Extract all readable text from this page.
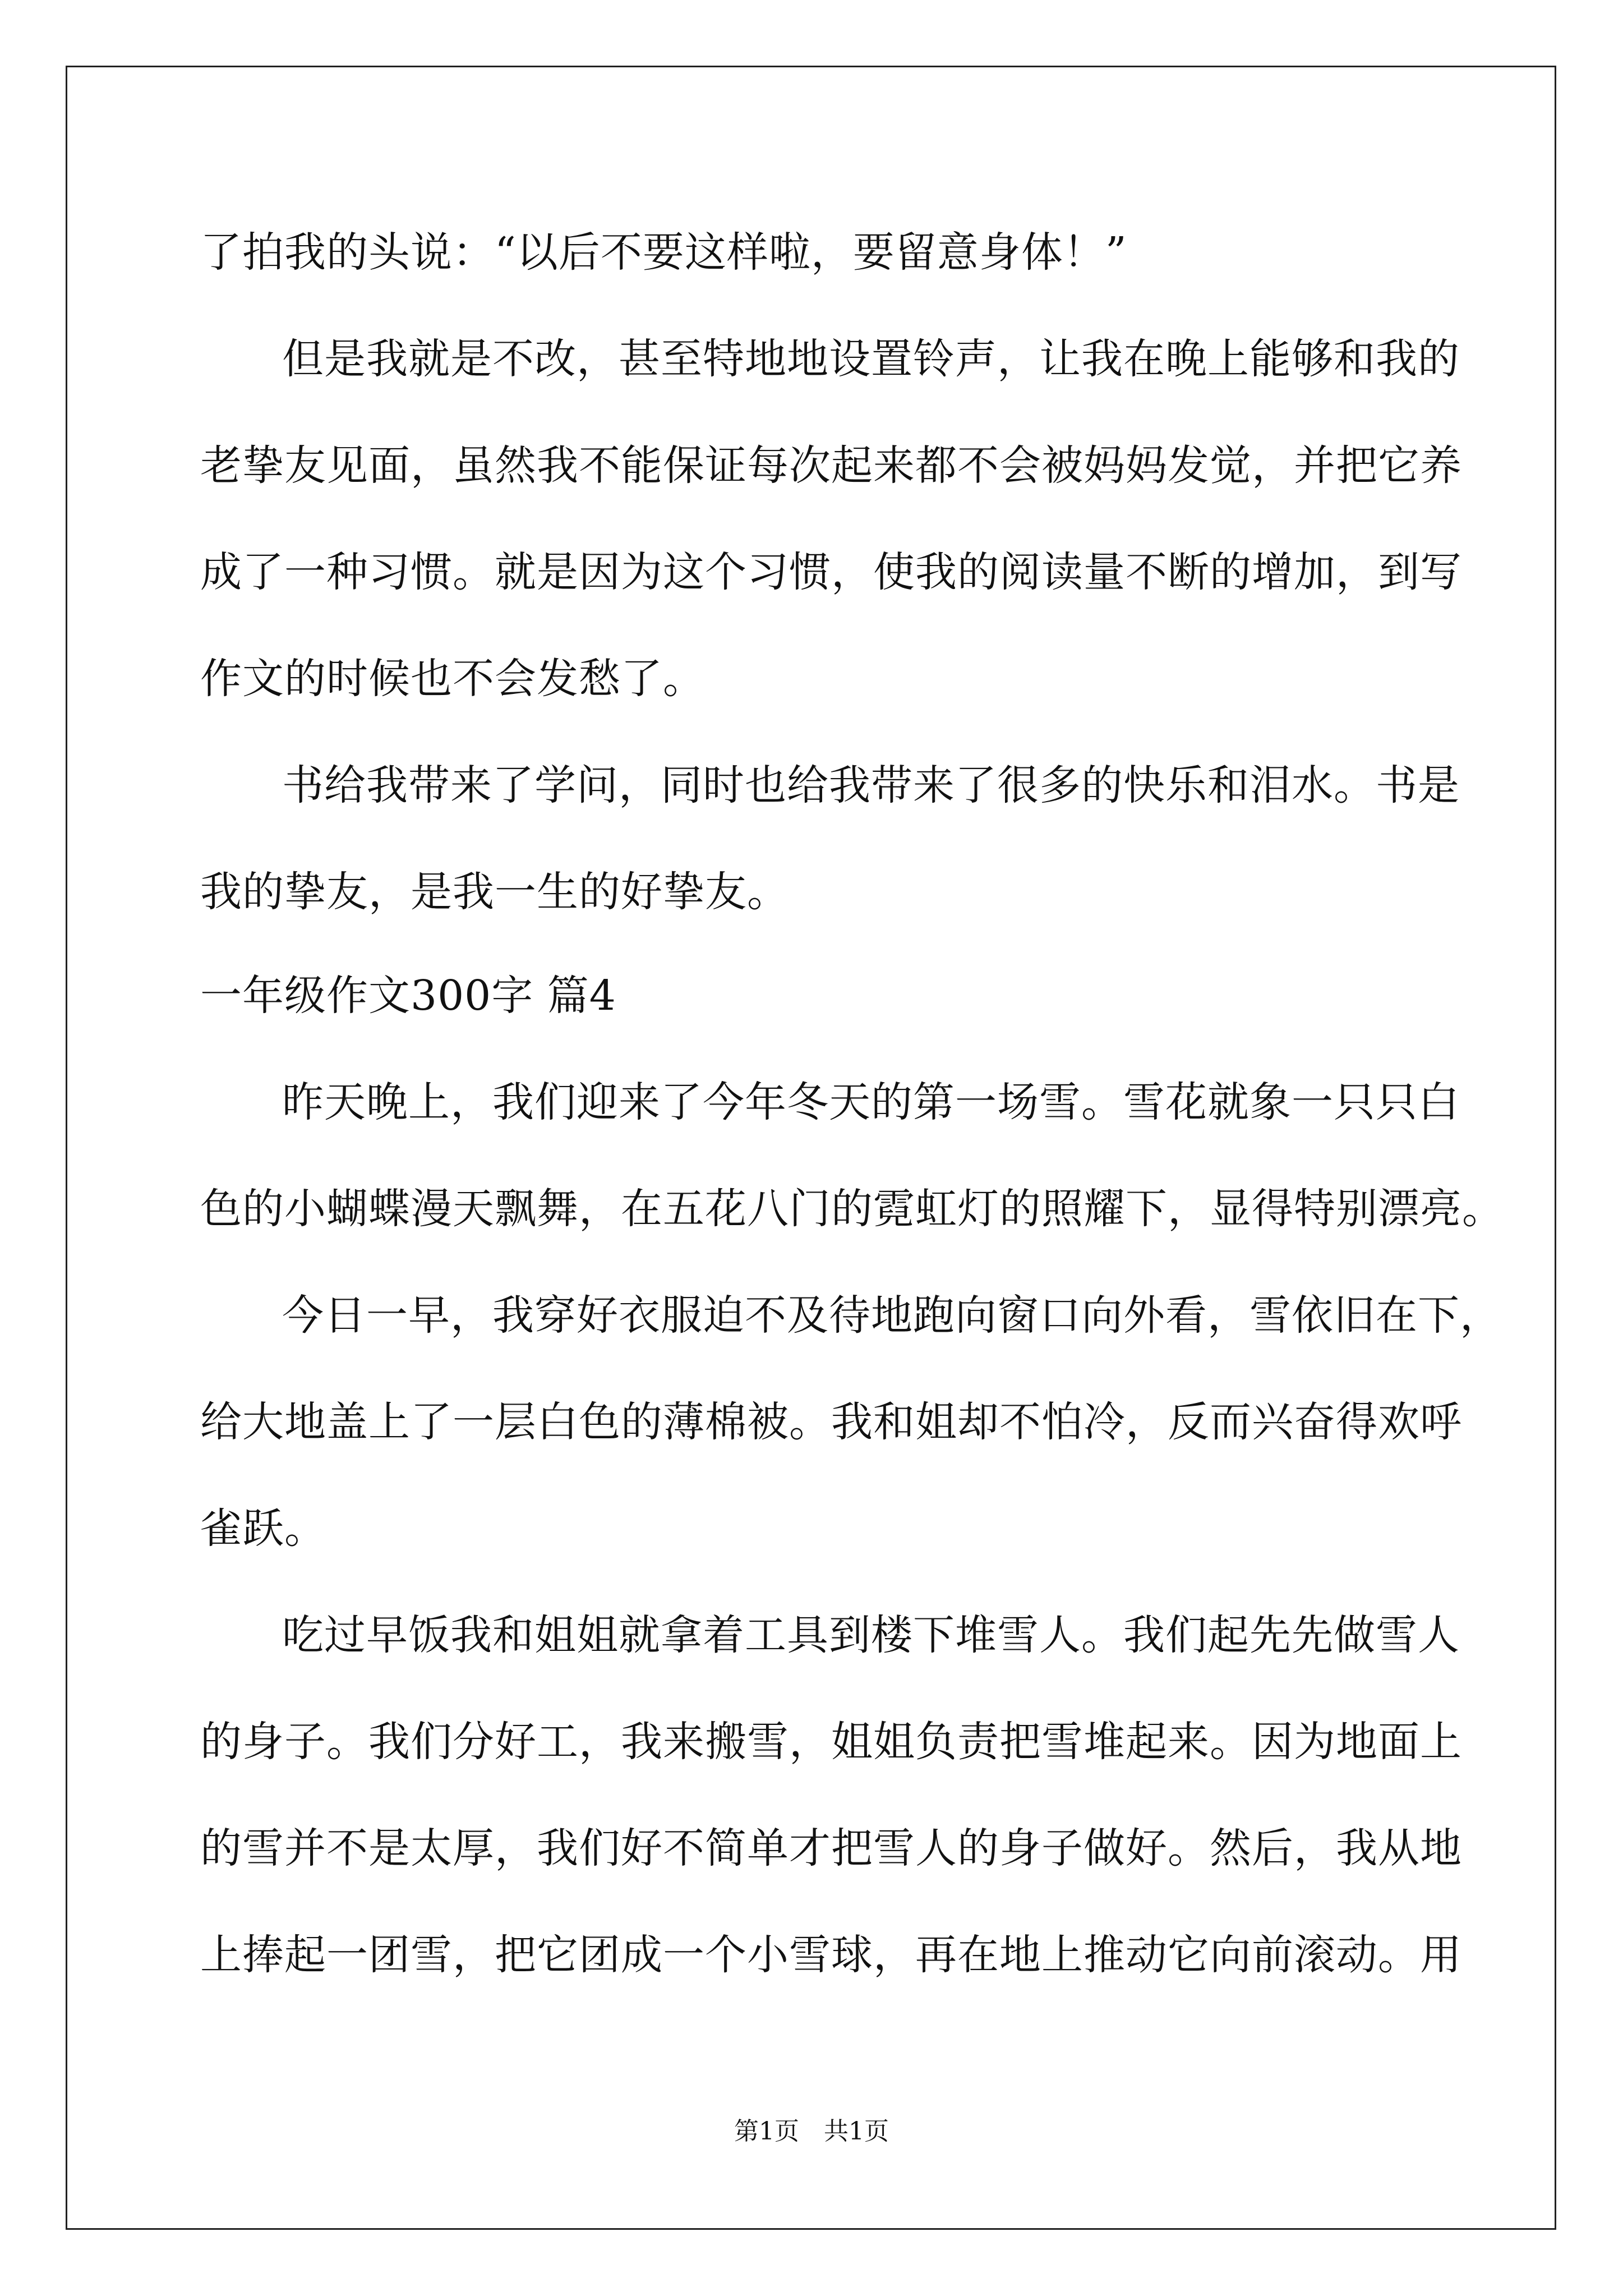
了拍我的头说：“以后不要这样啦，要留意身体！”
但是我就是不改，甚至特地地设置铃声，让我在晚上能够和我的
老挚友见面，虽然我不能保证每次起来都不会被妈妈发觉，并把它养
成了一种习惯。就是因为这个习惯，使我的阅读量不断的增加，到写
作文的时候也不会发愁了。
书给我带来了学问，同时也给我带来了很多的快乐和泪水。书是
我的挚友，是我一生的好挚友。
一年级作文300字 篇4
昨天晚上，我们迎来了今年冬天的第一场雪。雪花就象一只只白
色的小蝴蝶漫天飘舞，在五花八门的霓虹灯的照耀下，显得特别漂亮。
今日一早，我穿好衣服迫不及待地跑向窗口向外看，雪依旧在下，
给大地盖上了一层白色的薄棉被。我和姐却不怕冷，反而兴奋得欢呼
雀跃。
吃过早饭我和姐姐就拿着工具到楼下堆雪人。我们起先先做雪人
的身子。我们分好工，我来搬雪，姐姐负责把雪堆起来。因为地面上
的雪并不是太厚，我们好不简单才把雪人的身子做好。然后，我从地
上捧起一团雪，把它团成一个小雪球，再在地上推动它向前滚动。用
第1页　共1页
